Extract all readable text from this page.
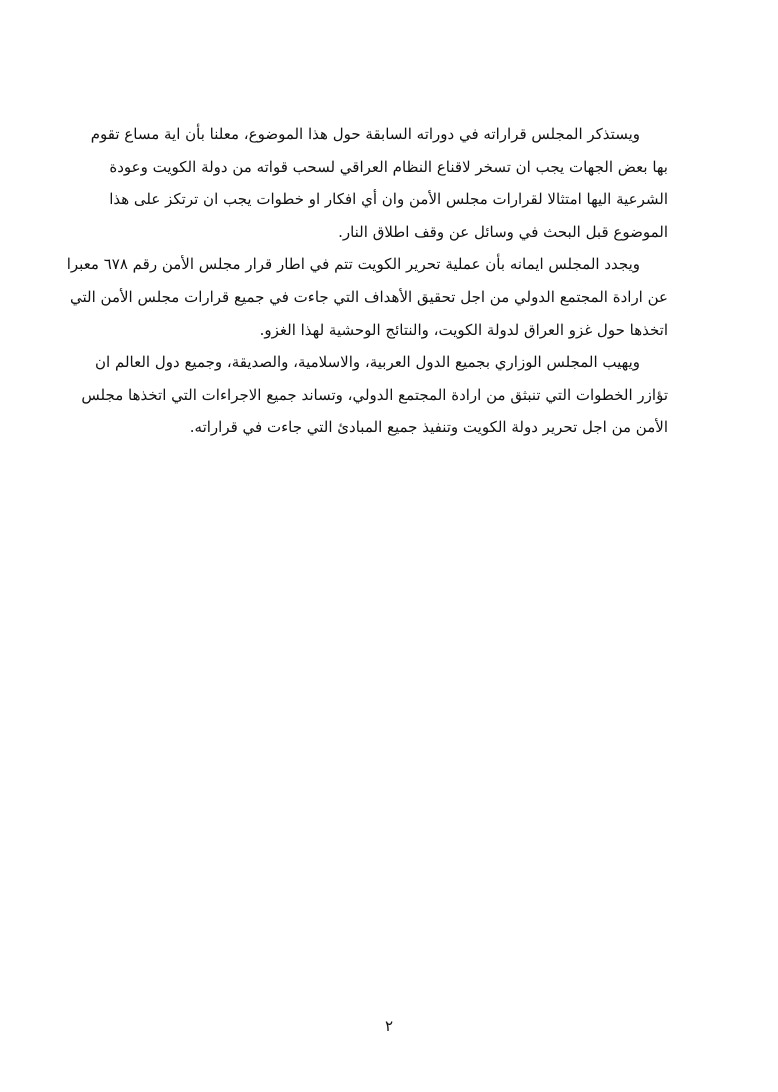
ويستذكر المجلس قراراته في دوراته السابقة حول هذا الموضوع، معلنا بأن اية مساع تقوم
بها بعض الجهات يجب ان تسخر لاقناع النظام العراقي لسحب قواته من دولة الكويت وعودة
الشرعية اليها امتثالا لقرارات مجلس الأمن وان أي افكار او خطوات يجب ان ترتكز على هذا
الموضوع قبل البحث في وسائل عن وقف اطلاق النار.
ويجدد المجلس ايمانه بأن عملية تحرير الكويت تتم في اطار قرار مجلس الأمن رقم ٦٧٨ معبرا
عن ارادة المجتمع الدولي من اجل تحقيق الأهداف التي جاءت في جميع قرارات مجلس الأمن التي
اتخذها حول غزو العراق لدولة الكويت، والنتائج الوحشية لهذا الغزو.
ويهيب المجلس الوزاري بجميع الدول العربية، والاسلامية، والصديقة، وجميع دول العالم ان
تؤازر الخطوات التي تنبثق من ارادة المجتمع الدولي، وتساند جميع الاجراءات التي اتخذها مجلس
الأمن من اجل تحرير دولة الكويت وتنفيذ جميع المبادئ التي جاءت في قراراته.
٢
